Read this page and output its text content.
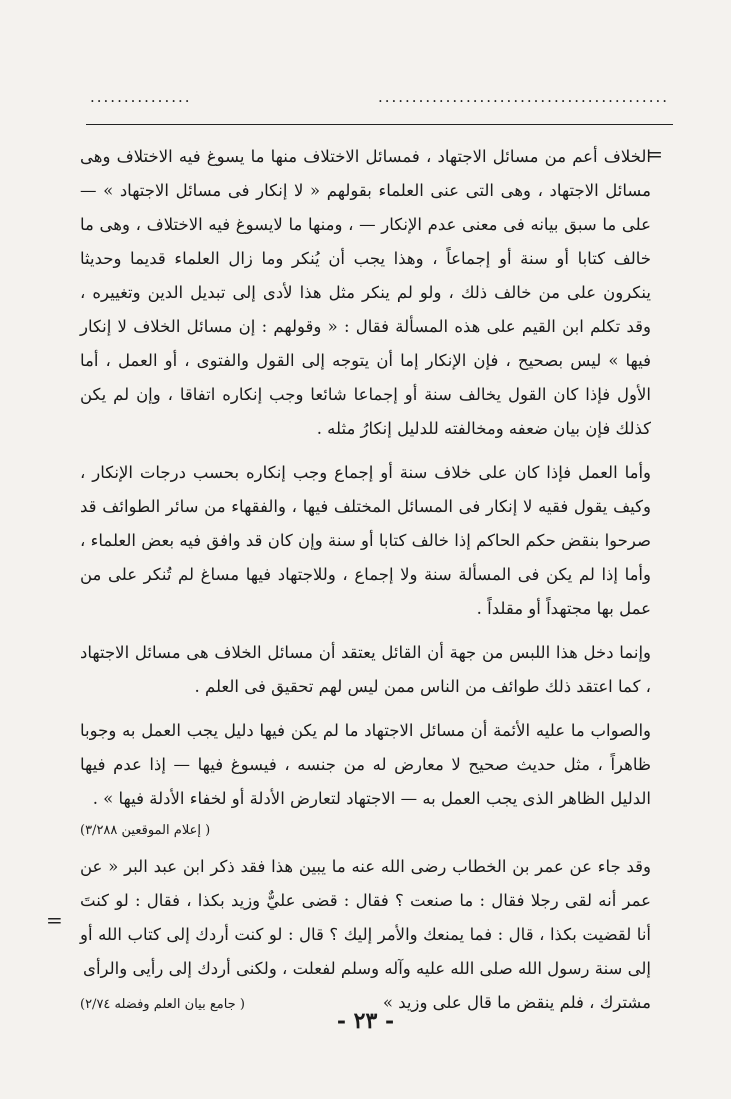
...........................................
...............
=
=

الخلاف أعم من مسائل الاجتهاد ، فمسائل الاختلاف منها ما يسوغ فيه الاختلاف وهى مسائل الاجتهاد ، وهى التى عنى العلماء بقولهم « لا إنكار فى مسائل الاجتهاد » — على ما سبق بيانه فى معنى عدم الإنكار — ، ومنها ما لايسوغ فيه الاختلاف ، وهى ما خالف كتابا أو سنة أو إجماعاً ، وهذا يجب أن يُنكر وما زال العلماء قديما وحديثا ينكرون على من خالف ذلك ، ولو لم ينكر مثل هذا لأدى إلى تبديل الدين وتغييره ، وقد تكلم ابن القيم على هذه المسألة فقال : « وقولهم : إن مسائل الخلاف لا إنكار فيها » ليس بصحيح ، فإن الإنكار إما أن يتوجه إلى القول والفتوى ، أو العمل ، أما الأول فإذا كان القول يخالف سنة أو إجماعا شائعا وجب إنكاره اتفاقا ، وإن لم يكن كذلك فإن بيان ضعفه ومخالفته للدليل إنكارُ مثله .

وأما العمل فإذا كان على خلاف سنة أو إجماع وجب إنكاره بحسب درجات الإنكار ، وكيف يقول فقيه لا إنكار فى المسائل المختلف فيها ، والفقهاء من سائر الطوائف قد صرحوا بنقض حكم الحاكم إذا خالف كتابا أو سنة وإن كان قد وافق فيه بعض العلماء ، وأما إذا لم يكن فى المسألة سنة ولا إجماع ، وللاجتهاد فيها مساغ لم تُنكر على من عمل بها مجتهداً أو مقلداً .

وإنما دخل هذا اللبس من جهة أن القائل يعتقد أن مسائل الخلاف هى مسائل الاجتهاد ، كما اعتقد ذلك طوائف من الناس ممن ليس لهم تحقيق فى العلم .

والصواب ما عليه الأئمة أن مسائل الاجتهاد ما لم يكن فيها دليل يجب العمل به وجوبا ظاهراً ، مثل حديث صحيح لا معارض له من جنسه ، فيسوغ فيها — إذا عدم فيها الدليل الظاهر الذى يجب العمل به — الاجتهاد لتعارض الأدلة أو لخفاء الأدلة فيها » .

( إعلام الموقعين ٣/٢٨٨)

وقد جاء عن عمر بن الخطاب رضى الله عنه ما يبين هذا فقد ذكر ابن عبد البر « عن عمر أنه لقى رجلا فقال : ما صنعت ؟ فقال : قضى عليٌّ وزيد بكذا ، فقال : لو كنتَ أنا لقضيت بكذا ، قال : فما يمنعك والأمر إليك ؟ قال : لو كنت أردك إلى كتاب الله أو إلى سنة رسول الله صلى الله عليه وآله وسلم لفعلت ، ولكنى أردك إلى رأيى والرأى

مشترك ، فلم ينقض ما قال على وزيد »
( جامع بيان العلم وفضله ٢/٧٤)
- ٢٣ -
